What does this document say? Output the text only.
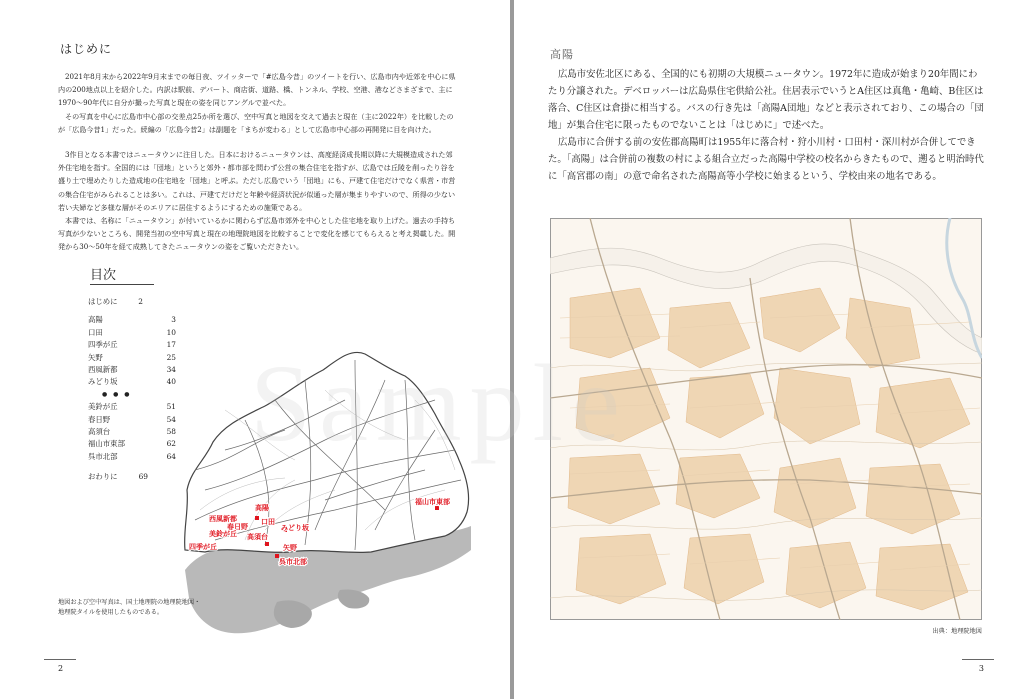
はじめに

2021年8月末から2022年9月末までの毎日夜、ツイッターで「#広島今昔」のツイートを行い、広島市内や近郊を中心に県内の200地点以上を紹介した。内訳は駅前、デパート、商店街、道路、橋、トンネル、学校、空港、港などさまざまで、主に1970〜90年代に自分が撮った写真と現在の姿を同じアングルで並べた。

その写真を中心に広島市中心部の交差点25か所を選び、空中写真と地図を交えて過去と現在（主に2022年）を比較したのが「広島今昔1」だった。続編の「広島今昔2」は副題を「まちが変わる」として広島市中心部の再開発に目を向けた。

3作目となる本書ではニュータウンに注目した。日本におけるニュータウンは、高度経済成長期以降に大規模造成された郊外住宅地を指す。全国的には「団地」というと郊外・都市部を問わず公営の集合住宅を指すが、広島では丘陵を削ったり谷を盛り土で埋めたりした造成地の住宅地を「団地」と呼ぶ。ただし広島でいう「団地」にも、戸建て住宅だけでなく県営・市営の集合住宅がみられることは多い。これは、戸建てだけだと年齢や経済状況が似通った層が集まりやすいので、所得の少ない若い夫婦など多様な層がそのエリアに居住するようにするための施策である。

本書では、名称に「ニュータウン」が付いているかに関わらず広島市郊外を中心とした住宅地を取り上げた。過去の手持ち写真が少ないところも、開発当初の空中写真と現在の地理院地図を比較することで変化を感じてもらえると考え掲載した。開発から30〜50年を経て成熟してきたニュータウンの姿をご覧いただきたい。

目次
はじめに	2
高陽	3
口田	10
四季が丘	17
矢野	25
西風新都	34
みどり坂	40
● ● ●
美鈴が丘	51
春日野	54
高須台	58
福山市東部	62
呉市北部	64
おわりに	69
高陽
口田
西風新都
春日野
美鈴が丘 高須台
みどり坂
四季が丘	矢野
呉市北部
福山市東部
地図および空中写真は、国土地理院の地理院地図・
地理院タイルを使用したものである。
2
高陽

広島市安佐北区にある、全国的にも初期の大規模ニュータウン。1972年に造成が始まり20年間にわたり分譲された。デベロッパーは広島県住宅供給公社。住居表示でいうとA住区は真亀・亀崎、B住区は落合、C住区は倉掛に相当する。バスの行き先は「高陽A団地」などと表示されており、この場合の「団地」が集合住宅に限ったものでないことは「はじめに」で述べた。

広島市に合併する前の安佐郡高陽町は1955年に落合村・狩小川村・口田村・深川村が合併してできた。「高陽」は合併前の複数の村による組合立だった高陽中学校の校名からきたもので、遡ると明治時代に「高宮郡の南」の意で命名された高陽高等小学校に始まるという、学校由来の地名である。

出典：地理院地図
3
Sample
